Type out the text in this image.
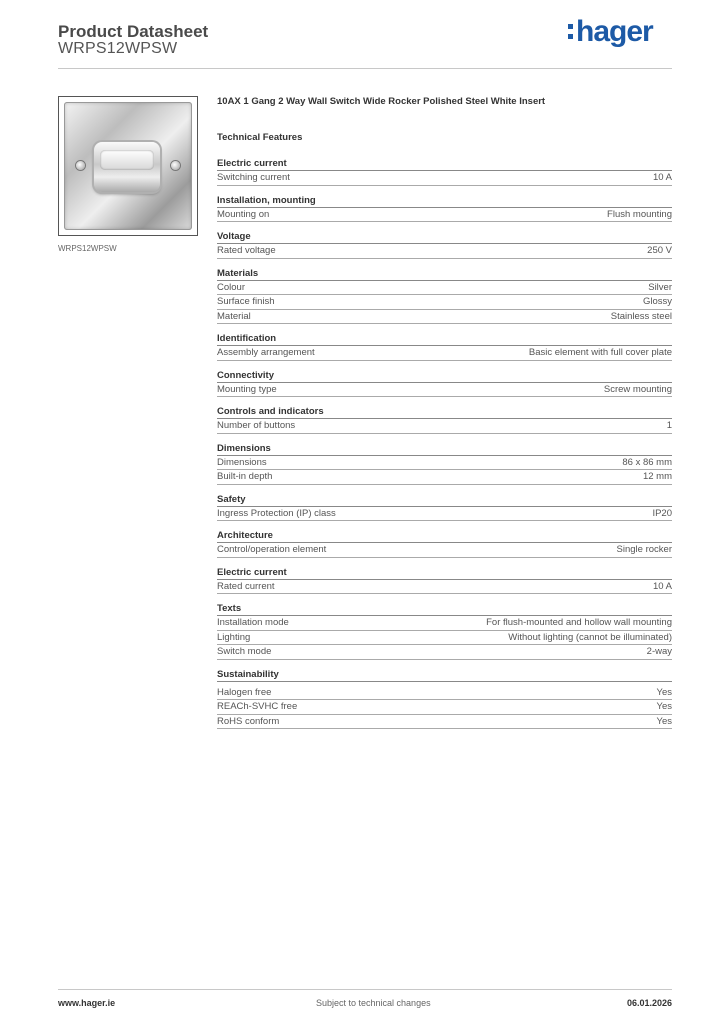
Product Datasheet
WRPS12WPSW
hager
WRPS12WPSW
10AX 1 Gang 2 Way Wall Switch Wide Rocker Polished Steel White Insert
Technical Features
Electric current
Switching current	10 A
Installation, mounting
Mounting on	Flush mounting
Voltage
Rated voltage	250 V
Materials
Colour	Silver
Surface finish	Glossy
Material	Stainless steel
Identification
Assembly arrangement	Basic element with full cover plate
Connectivity
Mounting type	Screw mounting
Controls and indicators
Number of buttons	1
Dimensions
Dimensions	86 x 86 mm
Built-in depth	12 mm
Safety
Ingress Protection (IP) class	IP20
Architecture
Control/operation element	Single rocker
Electric current
Rated current	10 A
Texts
Installation mode	For flush-mounted and hollow wall mounting
Lighting	Without lighting (cannot be illuminated)
Switch mode	2-way
Sustainability
Halogen free	Yes
REACh-SVHC free	Yes
RoHS conform	Yes
www.hager.ie	Subject to technical changes	06.01.2026
